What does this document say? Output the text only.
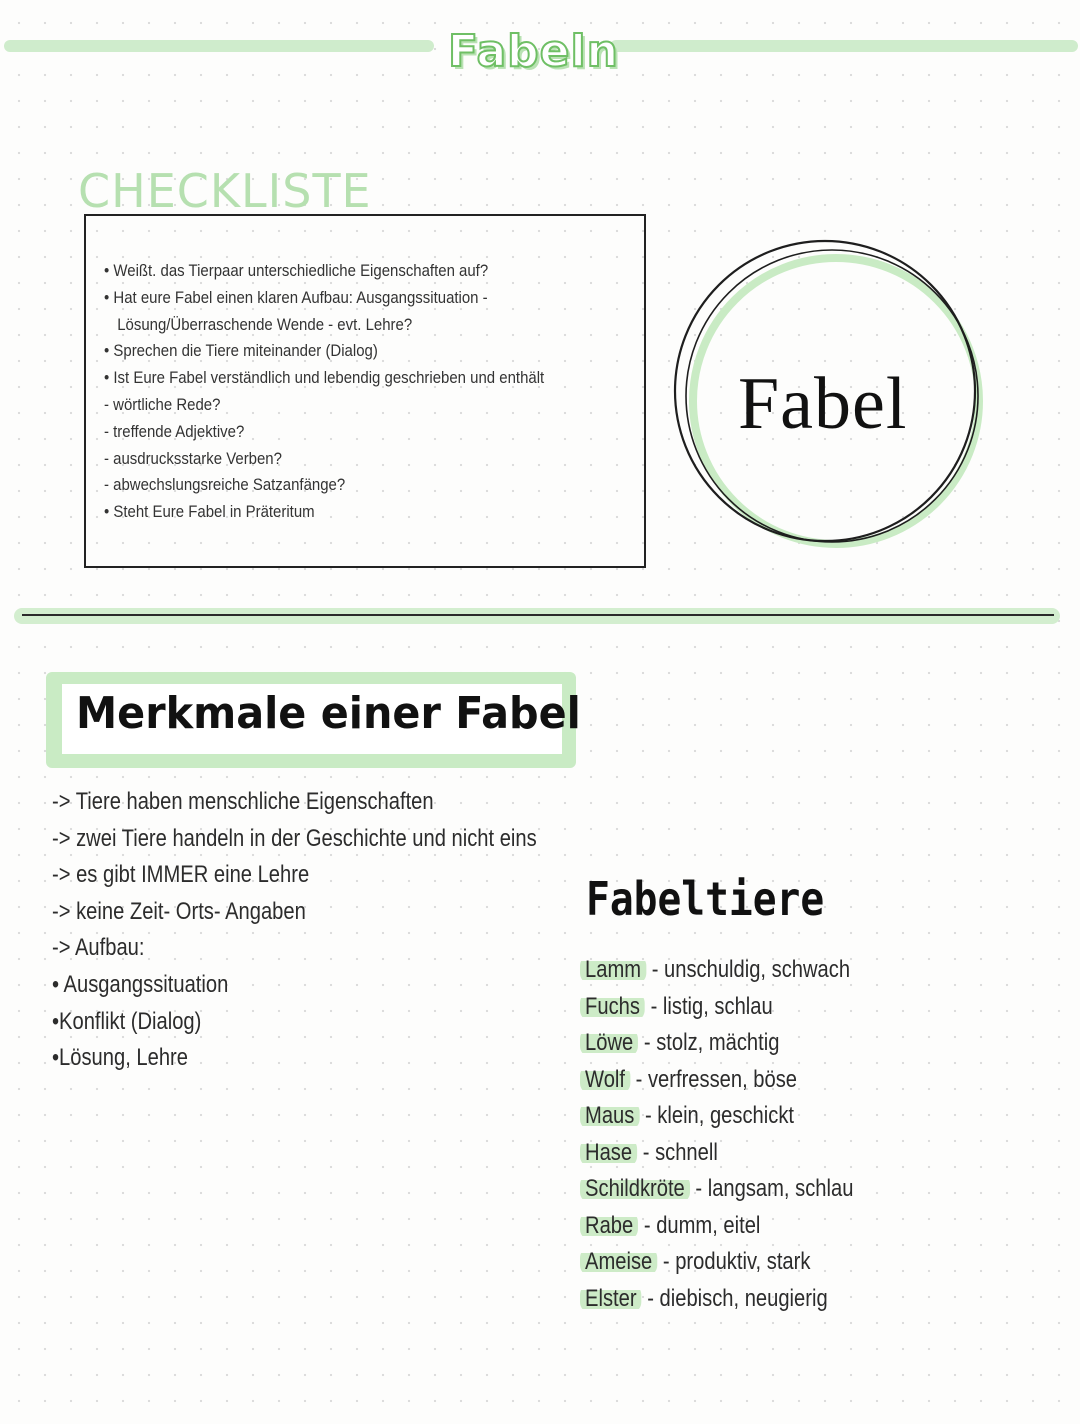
Fabeln
CHECKLISTE
• Weißt. das Tierpaar unterschiedliche Eigenschaften auf?
• Hat eure Fabel einen klaren Aufbau: Ausgangssituation -
Lösung/Überraschende Wende - evt. Lehre?
• Sprechen die Tiere miteinander (Dialog)
• Ist Eure Fabel verständlich und lebendig geschrieben und enthält
- wörtliche Rede?
- treffende Adjektive?
- ausdrucksstarke Verben?
- abwechslungsreiche Satzanfänge?
• Steht Eure Fabel in Präteritum
Fabel
Merkmale einer Fabel
-> Tiere haben menschliche Eigenschaften
-> zwei Tiere handeln in der Geschichte und nicht eins
-> es gibt IMMER eine Lehre
-> keine Zeit- Orts- Angaben
-> Aufbau:
• Ausgangssituation
•Konflikt (Dialog)
•Lösung, Lehre
Fabeltiere
Lamm - unschuldig, schwach
Fuchs - listig, schlau
Löwe - stolz, mächtig
Wolf - verfressen, böse
Maus - klein, geschickt
Hase - schnell
Schildkröte - langsam, schlau
Rabe - dumm, eitel
Ameise - produktiv, stark
Elster - diebisch, neugierig
